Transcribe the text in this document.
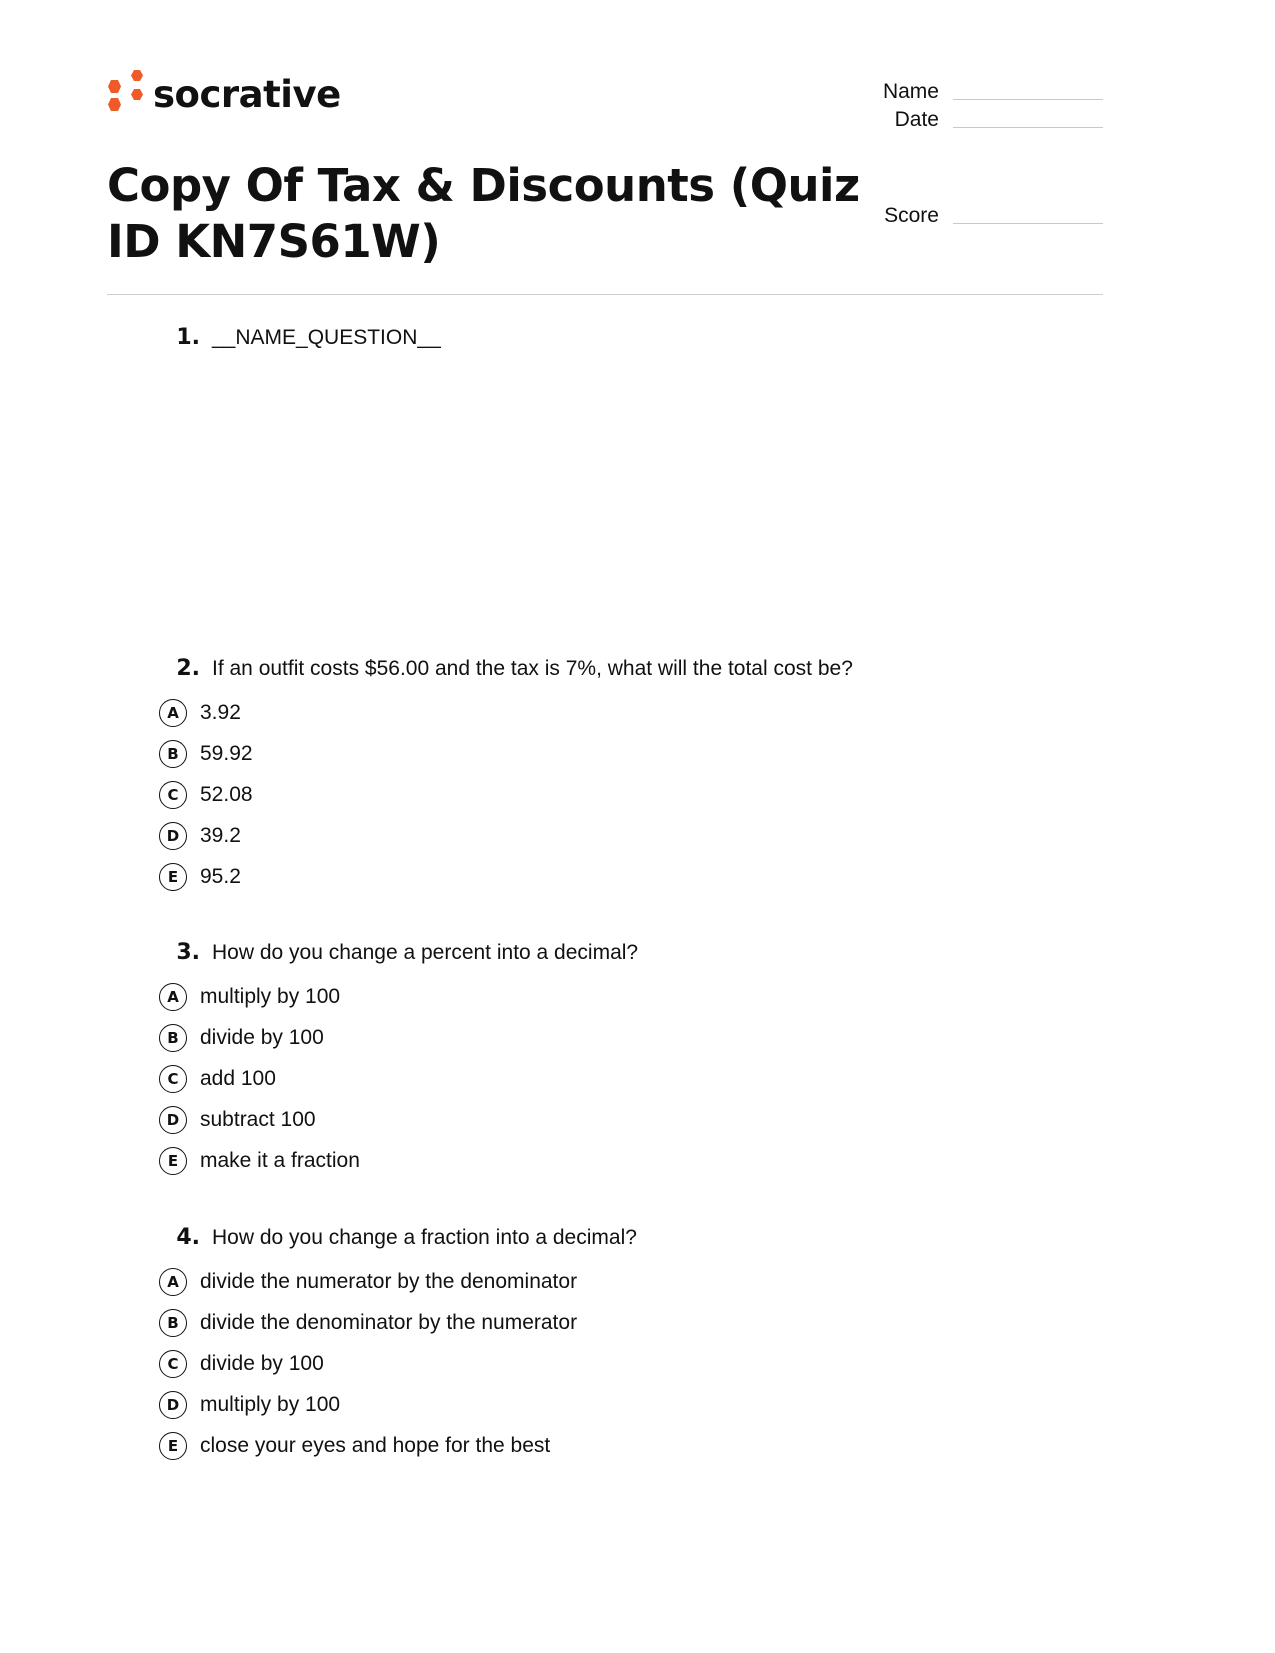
socrative	Name
Date
Score
Copy Of Tax & Discounts (Quiz ID KN7S61W)
1. __NAME_QUESTION__
2. If an outfit costs $56.00 and the tax is 7%, what will the total cost be?
A	3.92
B	59.92
C	52.08
D 39.2
E	95.2
3. How do you change a percent into a decimal?
A	multiply by 100
B	divide by 100
C	add 100
D subtract 100
E	make it a fraction
4. How do you change a fraction into a decimal?
A	divide the numerator by the denominator
B	divide the denominator by the numerator
C	divide by 100
D multiply by 100
E	close your eyes and hope for the best
